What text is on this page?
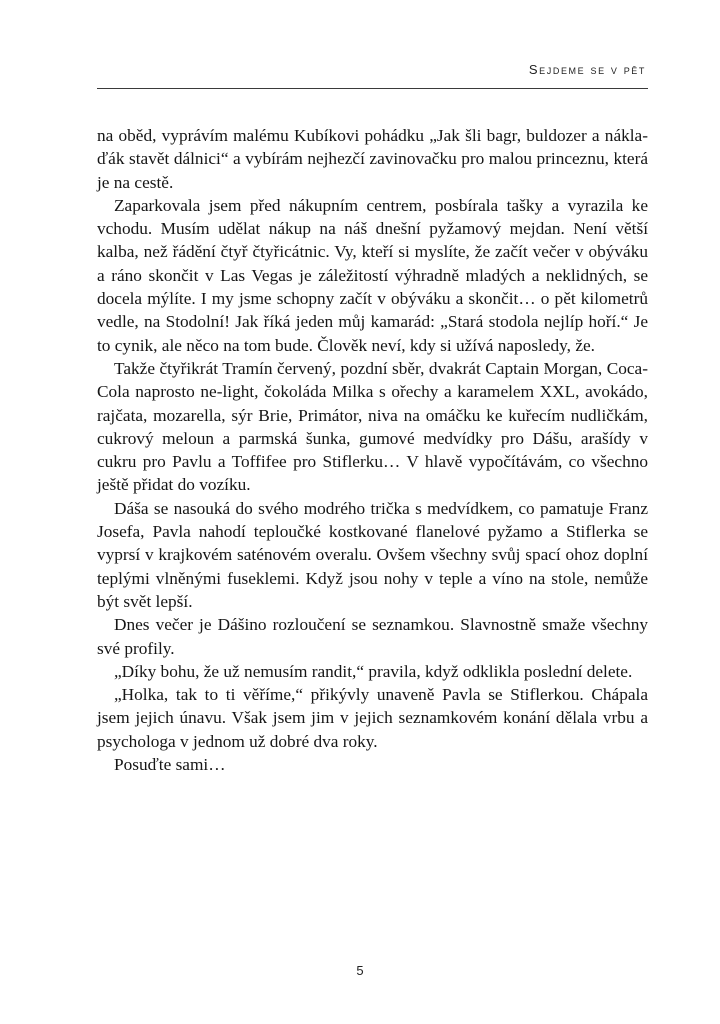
Sejdeme se v pět

na oběd, vyprávím malému Kubíkovi pohádku „Jak šli bagr, buldozer a náklaďák stavět dálnici“ a vybírám nejhezčí zavinovačku pro malou princeznu, která je na cestě.

Zaparkovala jsem před nákupním centrem, posbírala tašky a vyrazila ke vchodu. Musím udělat nákup na náš dnešní pyžamový mejdan. Není větší kalba, než řádění čtyř čtyřicátnic. Vy, kteří si myslíte, že začít večer v obýváku a ráno skončit v Las Vegas je záležitostí výhradně mladých a neklidných, se docela mýlíte. I my jsme schopny začít v obýváku a skončit… o pět kilometrů vedle, na Stodolní! Jak říká jeden můj kamarád: „Stará stodola nejlíp hoří.“ Je to cynik, ale něco na tom bude. Člověk neví, kdy si užívá naposledy, že.

Takže čtyřikrát Tramín červený, pozdní sběr, dvakrát Captain Morgan, Coca-Cola naprosto ne-light, čokoláda Milka s ořechy a karamelem XXL, avokádo, rajčata, mozarella, sýr Brie, Primátor, niva na omáčku ke kuřecím nudličkám, cukrový meloun a parmská šunka, gumové medvídky pro Dášu, arašídy v cukru pro Pavlu a Toffifee pro Stiflerku… V hlavě vypočítávám, co všechno ještě přidat do vozíku.

Dáša se nasouká do svého modrého trička s medvídkem, co pamatuje Franz Josefa, Pavla nahodí teploučké kostkované flanelové pyžamo a Stiflerka se vyprsí v krajkovém saténovém overalu. Ovšem všechny svůj spací ohoz doplní teplými vlněnými fuseklemi. Když jsou nohy v teple a víno na stole, nemůže být svět lepší.

Dnes večer je Dášino rozloučení se seznamkou. Slavnostně smaže všechny své profily.

„Díky bohu, že už nemusím randit,“ pravila, když odklikla poslední delete.

„Holka, tak to ti věříme,“ přikývly unaveně Pavla se Stiflerkou. Chápala jsem jejich únavu. Však jsem jim v jejich seznamkovém konání dělala vrbu a psychologa v jednom už dobré dva roky.

Posuďte sami…

5
